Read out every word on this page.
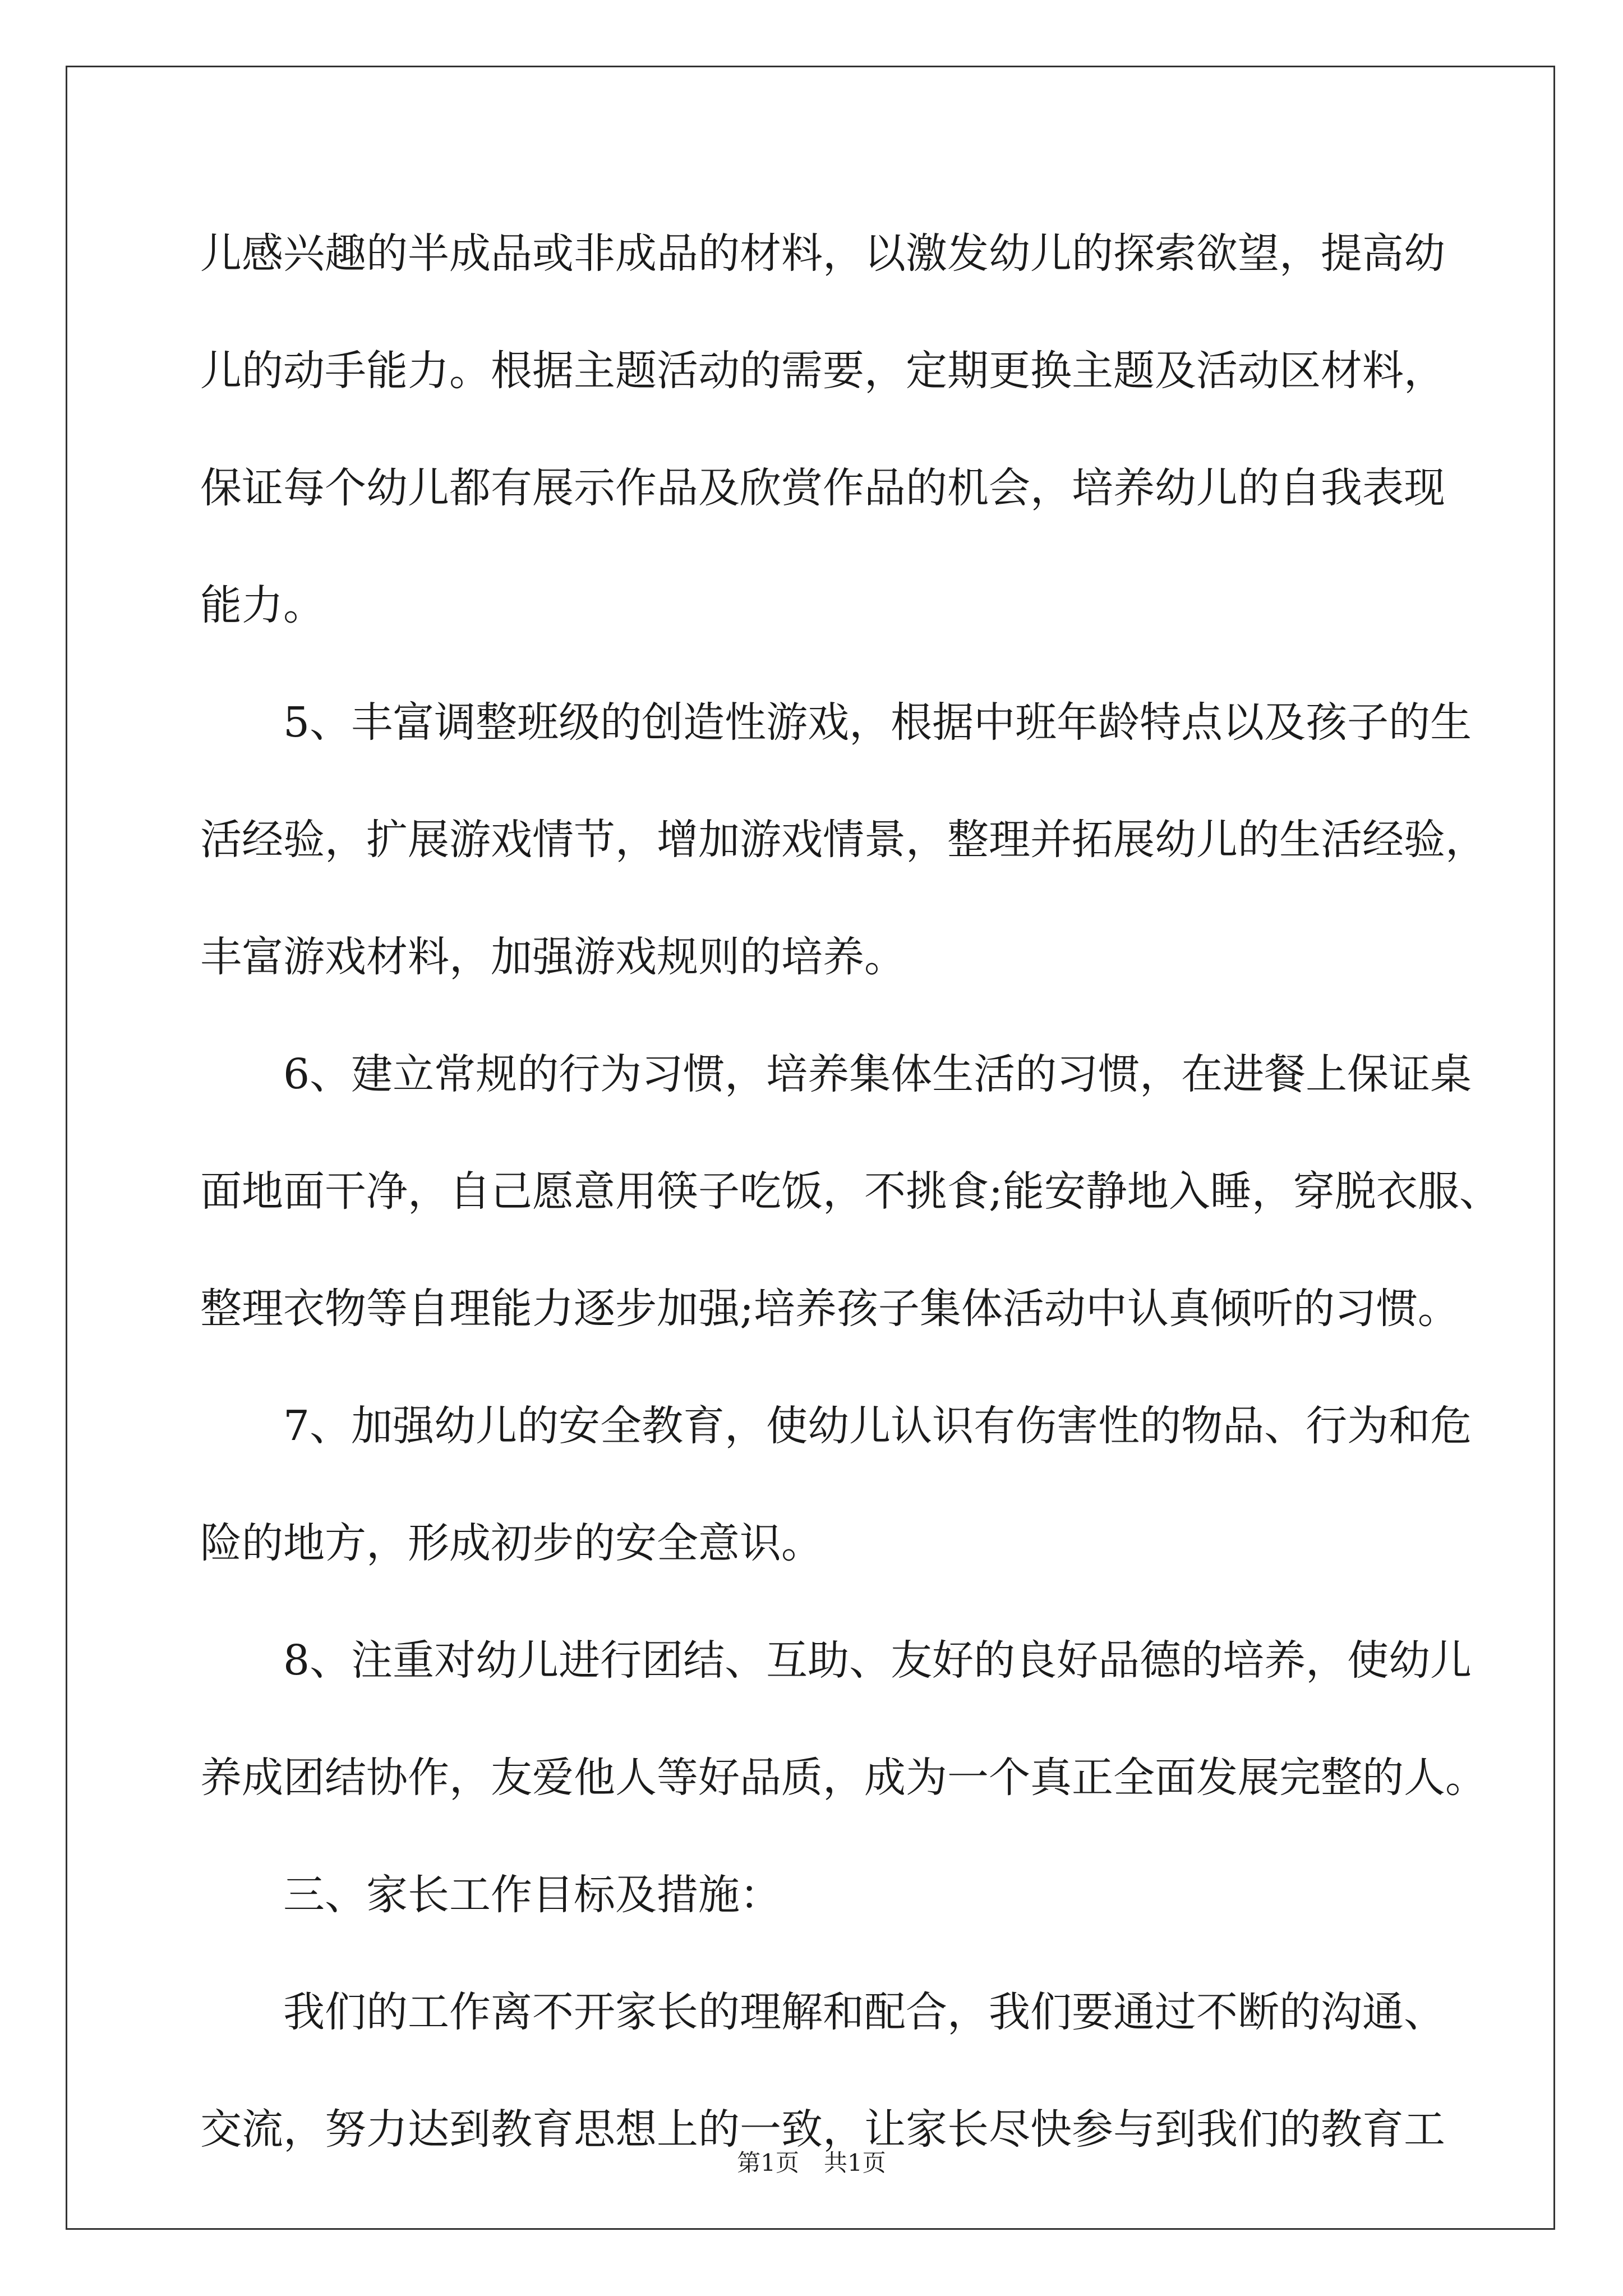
儿感兴趣的半成品或非成品的材料，以激发幼儿的探索欲望，提高幼
儿的动手能力。根据主题活动的需要，定期更换主题及活动区材料，
保证每个幼儿都有展示作品及欣赏作品的机会，培养幼儿的自我表现
能力。
5、丰富调整班级的创造性游戏，根据中班年龄特点以及孩子的生
活经验，扩展游戏情节，增加游戏情景，整理并拓展幼儿的生活经验，
丰富游戏材料，加强游戏规则的培养。
6、建立常规的行为习惯，培养集体生活的习惯，在进餐上保证桌
面地面干净，自己愿意用筷子吃饭，不挑食;能安静地入睡，穿脱衣服、
整理衣物等自理能力逐步加强;培养孩子集体活动中认真倾听的习惯。
7、加强幼儿的安全教育，使幼儿认识有伤害性的物品、行为和危
险的地方，形成初步的安全意识。
8、注重对幼儿进行团结、互助、友好的良好品德的培养，使幼儿
养成团结协作，友爱他人等好品质，成为一个真正全面发展完整的人。
三、家长工作目标及措施：
我们的工作离不开家长的理解和配合，我们要通过不断的沟通、
交流，努力达到教育思想上的一致，让家长尽快参与到我们的教育工
第1页 共1页
